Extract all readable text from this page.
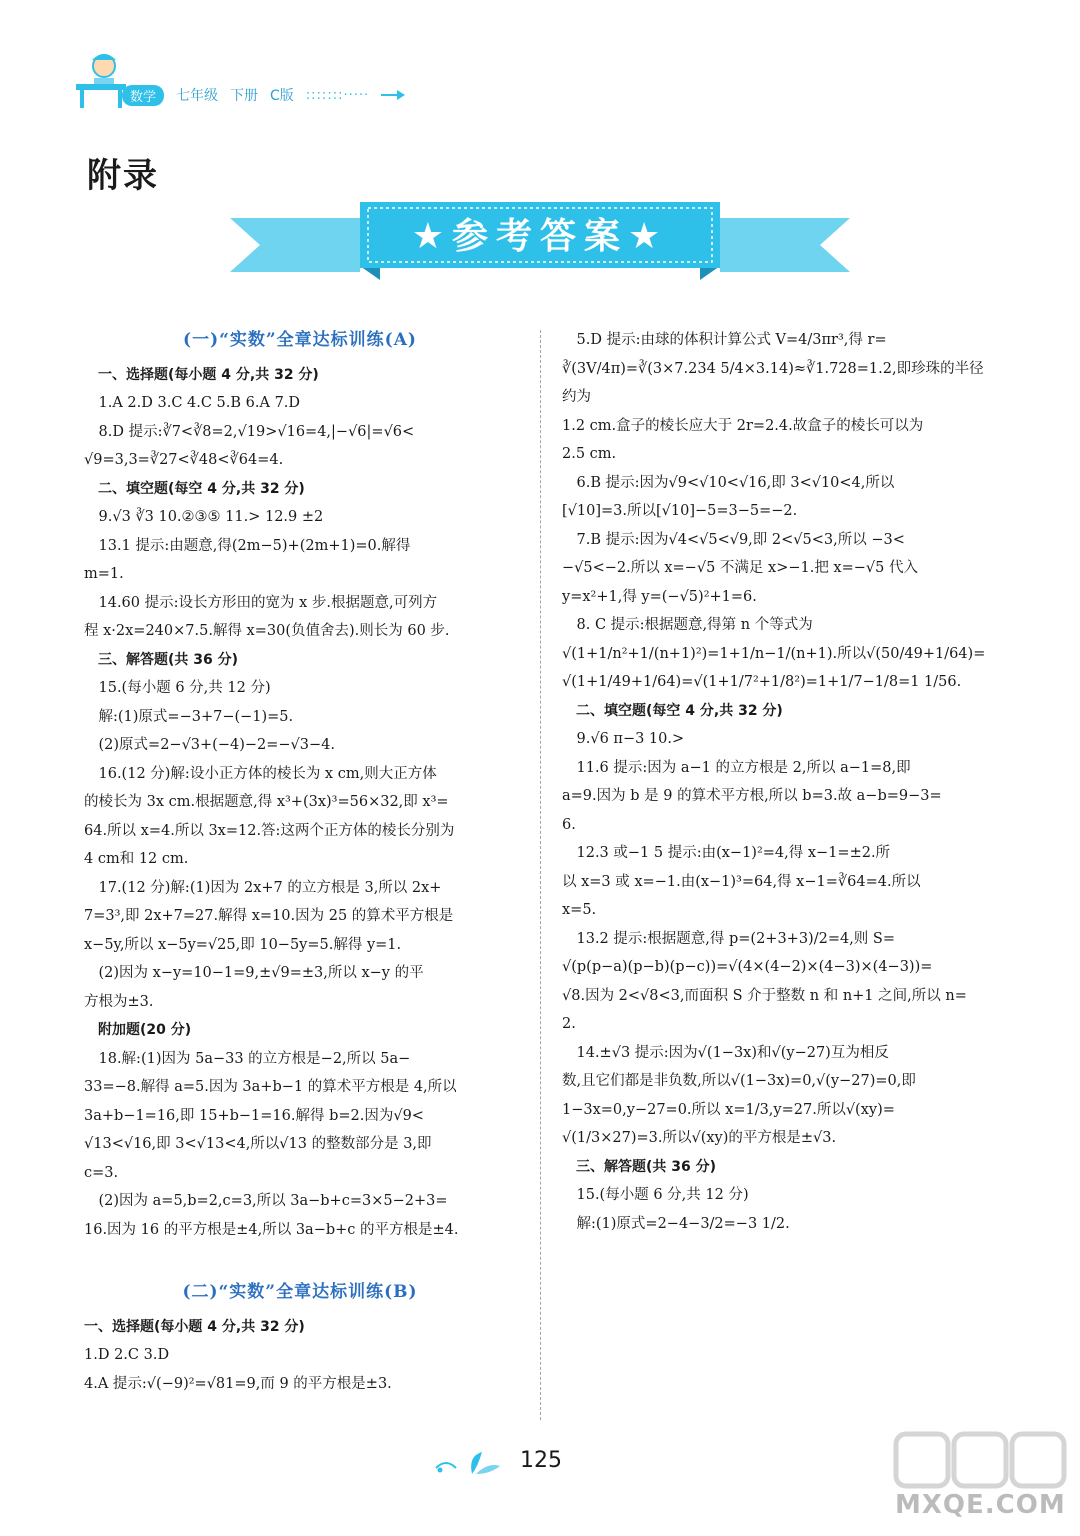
数学	七年级 下册 C版 :::::::·····
附录
★参考答案★

(一)“实数”全章达标训练(A)

一、选择题(每小题 4 分,共 32 分)

1.A 2.D 3.C 4.C 5.B 6.A 7.D

8.D 提示:∛7<∛8=2,√19>√16=4,|−√6|=√6<

√9=3,3=∛27<∛48<∛64=4.

二、填空题(每空 4 分,共 32 分)

9.√3 ∛3 10.②③⑤ 11.> 12.9 ±2

13.1 提示:由题意,得(2m−5)+(2m+1)=0.解得

m=1.

14.60 提示:设长方形田的宽为 x 步.根据题意,可列方

程 x·2x=240×7.5.解得 x=30(负值舍去).则长为 60 步.

三、解答题(共 36 分)

15.(每小题 6 分,共 12 分)

解:(1)原式=−3+7−(−1)=5.

(2)原式=2−√3+(−4)−2=−√3−4.

16.(12 分)解:设小正方体的棱长为 x cm,则大正方体

的棱长为 3x cm.根据题意,得 x³+(3x)³=56×32,即 x³=

64.所以 x=4.所以 3x=12.答:这两个正方体的棱长分别为

4 cm和 12 cm.

17.(12 分)解:(1)因为 2x+7 的立方根是 3,所以 2x+

7=3³,即 2x+7=27.解得 x=10.因为 25 的算术平方根是

x−5y,所以 x−5y=√25,即 10−5y=5.解得 y=1.

(2)因为 x−y=10−1=9,±√9=±3,所以 x−y 的平

方根为±3.

附加题(20 分)

18.解:(1)因为 5a−33 的立方根是−2,所以 5a−

33=−8.解得 a=5.因为 3a+b−1 的算术平方根是 4,所以

3a+b−1=16,即 15+b−1=16.解得 b=2.因为√9<

√13<√16,即 3<√13<4,所以√13 的整数部分是 3,即

c=3.

(2)因为 a=5,b=2,c=3,所以 3a−b+c=3×5−2+3=

16.因为 16 的平方根是±4,所以 3a−b+c 的平方根是±4.

(二)“实数”全章达标训练(B)

一、选择题(每小题 4 分,共 32 分)

1.D 2.C 3.D

4.A 提示:√(−9)²=√81=9,而 9 的平方根是±3.

5.D 提示:由球的体积计算公式 V=4/3πr³,得 r=

∛(3V/4π)=∛(3×7.234 5/4×3.14)≈∛1.728=1.2,即珍珠的半径约为

1.2 cm.盒子的棱长应大于 2r=2.4.故盒子的棱长可以为

2.5 cm.

6.B 提示:因为√9<√10<√16,即 3<√10<4,所以

[√10]=3.所以[√10]−5=3−5=−2.

7.B 提示:因为√4<√5<√9,即 2<√5<3,所以 −3<

−√5<−2.所以 x=−√5 不满足 x>−1.把 x=−√5 代入

y=x²+1,得 y=(−√5)²+1=6.

8. C 提示:根据题意,得第 n 个等式为

√(1+1/n²+1/(n+1)²)=1+1/n−1/(n+1).所以√(50/49+1/64)=

√(1+1/49+1/64)=√(1+1/7²+1/8²)=1+1/7−1/8=1 1/56.

二、填空题(每空 4 分,共 32 分)

9.√6 π−3 10.>

11.6 提示:因为 a−1 的立方根是 2,所以 a−1=8,即

a=9.因为 b 是 9 的算术平方根,所以 b=3.故 a−b=9−3=

6.

12.3 或−1 5 提示:由(x−1)²=4,得 x−1=±2.所

以 x=3 或 x=−1.由(x−1)³=64,得 x−1=∛64=4.所以

x=5.

13.2 提示:根据题意,得 p=(2+3+3)/2=4,则 S=

√(p(p−a)(p−b)(p−c))=√(4×(4−2)×(4−3)×(4−3))=

√8.因为 2<√8<3,而面积 S 介于整数 n 和 n+1 之间,所以 n=

2.

14.±√3 提示:因为√(1−3x)和√(y−27)互为相反

数,且它们都是非负数,所以√(1−3x)=0,√(y−27)=0,即

1−3x=0,y−27=0.所以 x=1/3,y=27.所以√(xy)=

√(1/3×27)=3.所以√(xy)的平方根是±√3.

三、解答题(共 36 分)

15.(每小题 6 分,共 12 分)

解:(1)原式=2−4−3/2=−3 1/2.

125
MXQE.COM
